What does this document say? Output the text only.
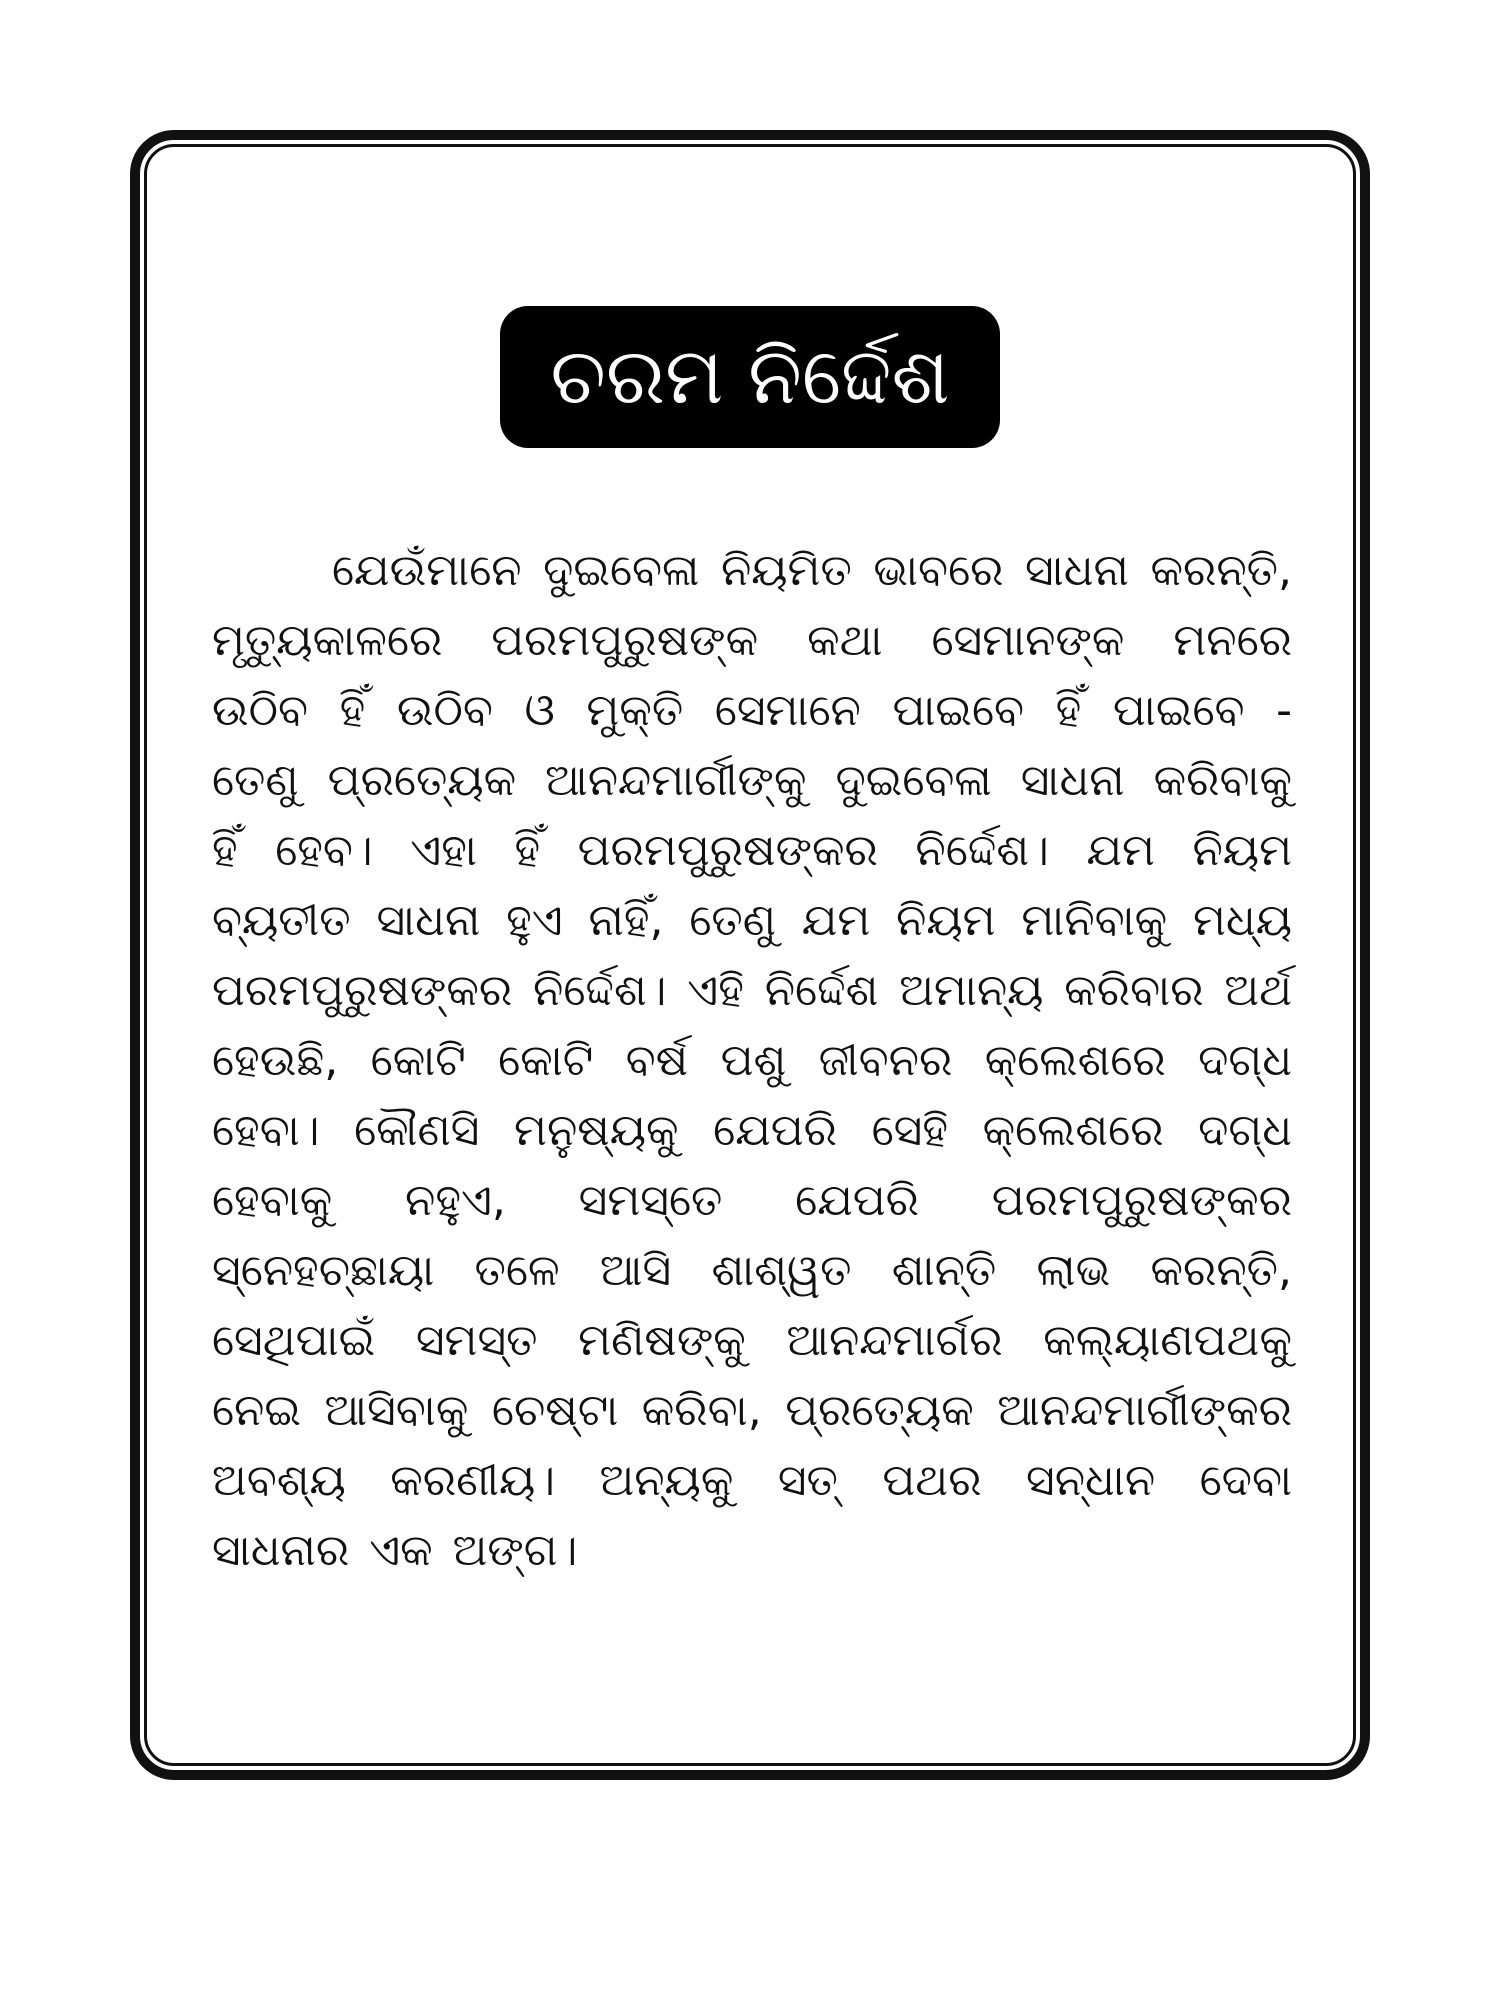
ଚରମ ନିର୍ଦ୍ଦେଶ

ଯେଉଁମାନେ ଦୁଇବେଳା ନିୟମିତ ଭାବରେ ସାଧନା କରନ୍ତି, ମୃତ୍ୟୁକାଳରେ ପରମପୁରୁଷଙ୍କ କଥା ସେମାନଙ୍କ ମନରେ ଉଠିବ ହିଁ ଉଠିବ ଓ ମୁକ୍ତି ସେମାନେ ପାଇବେ ହିଁ ପାଇବେ - ତେଣୁ ପ୍ରତ୍ୟେକ ଆନନ୍ଦମାର୍ଗୀଙ୍କୁ ଦୁଇବେଳା ସାଧନା କରିବାକୁ ହିଁ ହେବ। ଏହା ହିଁ ପରମପୁରୁଷଙ୍କର ନିର୍ଦ୍ଦେଶ। ଯମ ନିୟମ ବ୍ୟତୀତ ସାଧନା ହୁଏ ନାହିଁ, ତେଣୁ ଯମ ନିୟମ ମାନିବାକୁ ମଧ୍ୟ ପରମପୁରୁଷଙ୍କର ନିର୍ଦ୍ଦେଶ। ଏହି ନିର୍ଦ୍ଦେଶ ଅମାନ୍ୟ କରିବାର ଅର୍ଥ ହେଉଛି, କୋଟି କୋଟି ବର୍ଷ ପଶୁ ଜୀବନର କ୍ଲେଶରେ ଦଗ୍ଧ ହେବା। କୌଣସି ମନୁଷ୍ୟକୁ ଯେପରି ସେହି କ୍ଲେଶରେ ଦଗ୍ଧ ହେବାକୁ ନହୁଏ, ସମସ୍ତେ ଯେପରି ପରମପୁରୁଷଙ୍କର ସ୍ନେହଚ୍ଛାୟା ତଳେ ଆସି ଶାଶ୍ୱତ ଶାନ୍ତି ଲାଭ କରନ୍ତି, ସେଥିପାଇଁ ସମସ୍ତ ମଣିଷଙ୍କୁ ଆନନ୍ଦମାର୍ଗର କଲ୍ୟାଣପଥକୁ ନେଇ ଆସିବାକୁ ଚେଷ୍ଟା କରିବା, ପ୍ରତ୍ୟେକ ଆନନ୍ଦମାର୍ଗୀଙ୍କର ଅବଶ୍ୟ କରଣୀୟ। ଅନ୍ୟକୁ ସତ୍ ପଥର ସନ୍ଧାନ ଦେବା ସାଧନାର ଏକ ଅଙ୍ଗ।
